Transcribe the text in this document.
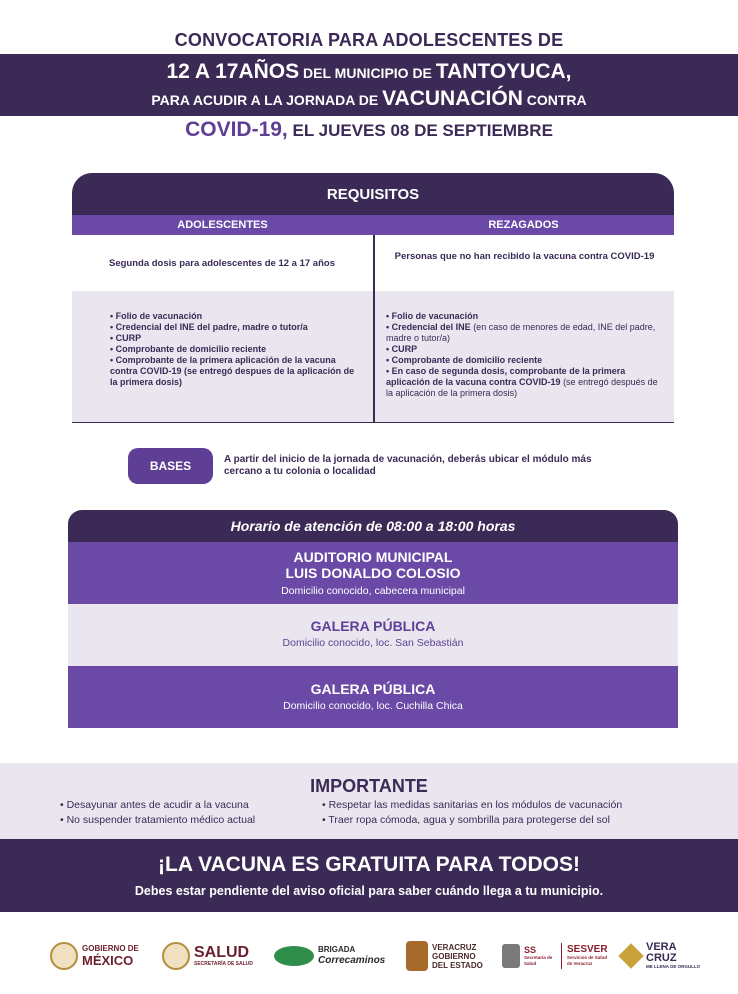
CONVOCATORIA PARA ADOLESCENTES DE
12 A 17AÑOS DEL MUNICIPIO DE TANTOYUCA,
PARA ACUDIR A LA JORNADA DE VACUNACIÓN CONTRA
COVID-19, EL JUEVES 08 DE SEPTIEMBRE
REQUISITOS
ADOLESCENTES	REZAGADOS
Segunda dosis para adolescentes de 12 a 17 años
Personas que no han recibido la vacuna contra COVID-19
• Folio de vacunación
• Credencial del INE del padre, madre o tutor/a
• CURP
• Comprobante de domicilio reciente
• Comprobante de la primera aplicación de la vacuna contra COVID-19 (se entregó despues de la aplicación de la primera dosis)
• Folio de vacunación
• Credencial del INE (en caso de menores de edad, INE del padre, madre o tutor/a)
• CURP
• Comprobante de domicilio reciente
• En caso de segunda dosis, comprobante de la primera aplicación de la vacuna contra COVID-19 (se entregó después de la aplicación de la primera dosis)
BASES	A partir del inicio de la jornada de vacunación, deberás ubicar el módulo más cercano a tu colonia o localidad
Horario de atención de 08:00 a 18:00 horas
AUDITORIO MUNICIPAL
LUIS DONALDO COLOSIO
Domicilio conocido, cabecera municipal
GALERA PÚBLICA
Domicilio conocido, loc. San Sebastián
GALERA PÚBLICA
Domicilio conocido, loc. Cuchilla Chica
IMPORTANTE
• Desayunar antes de acudir a la vacuna
• No suspender tratamiento médico actual
• Respetar las medidas sanitarias en los módulos de vacunación
• Traer ropa cómoda, agua y sombrilla para protegerse del sol
¡LA VACUNA ES GRATUITA PARA TODOS!
Debes estar pendiente del aviso oficial para saber cuándo llega a tu municipio.
GOBIERNO DE
MÉXICO	SALUD
SECRETARÍA DE SALUD
BRIGADA
Correcaminos
VERACRUZ
GOBIERNO
DEL ESTADO
SS
Secretaría de Salud
SESVER
Servicios de Salud de Veracruz
VERA
CRUZ
ME LLENA DE ORGULLO
